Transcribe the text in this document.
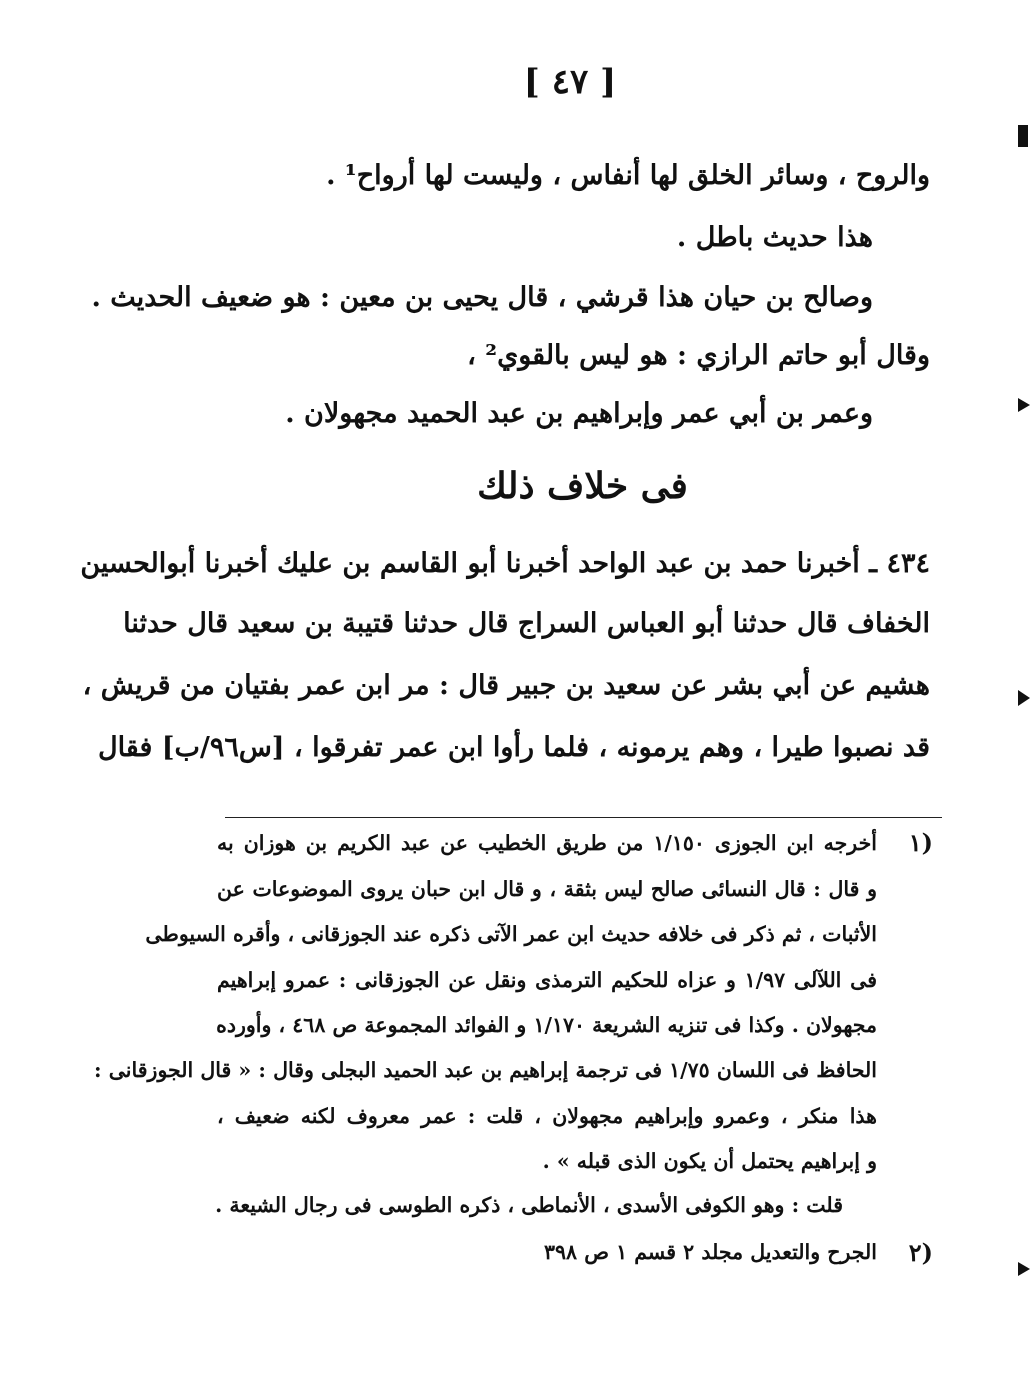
[ ٤٧ ]
والروح ، وسائر الخلق لها أنفاس ، وليست لها أرواح¹ .
هذا حديث باطل .
وصالح بن حيان هذا قرشي ، قال يحيى بن معين : هو ضعيف الحديث .
وقال أبو حاتم الرازي : هو ليس بالقوي² ،
وعمر بن أبي عمر وإبراهيم بن عبد الحميد مجهولان .
فى خلاف ذلك
٤٣٤ ـ أخبرنا حمد بن عبد الواحد أخبرنا أبو القاسم بن عليك أخبرنا أبوالحسين
الخفاف قال حدثنا أبو العباس السراج قال حدثنا قتيبة بن سعيد قال حدثنا
هشيم عن أبي بشر عن سعيد بن جبير قال : مر ابن عمر بفتيان من قريش ،
قد نصبوا طيرا ، وهم يرمونه ، فلما رأوا ابن عمر تفرقوا ، [س٩٦/ب] فقال
١)
أخرجه ابن الجوزى ١/١٥٠ من طريق الخطيب عن عبد الكريم بن هوزان به
و قال : قال النسائى صالح ليس بثقة ، و قال ابن حبان يروى الموضوعات عن
الأثبات ، ثم ذكر فى خلافه حديث ابن عمر الآتى ذكره عند الجوزقانى ، وأقره السيوطى
فى اللآلى ١/٩٧ و عزاه للحكيم الترمذى ونقل عن الجوزقانى : عمرو إبراهيم
مجهولان . وكذا فى تنزيه الشريعة ١/١٧٠ و الفوائد المجموعة ص ٤٦٨ ، وأورده
الحافظ فى اللسان ١/٧٥ فى ترجمة إبراهيم بن عبد الحميد البجلى وقال : « قال الجوزقانى :
هذا منكر ، وعمرو وإبراهيم مجهولان ، قلت : عمر معروف لكنه ضعيف ،
و إبراهيم يحتمل أن يكون الذى قبله » .
قلت : وهو الكوفى الأسدى ، الأنماطى ، ذكره الطوسى فى رجال الشيعة .
٢)
الجرح والتعديل مجلد ٢ قسم ١ ص ٣٩٨
